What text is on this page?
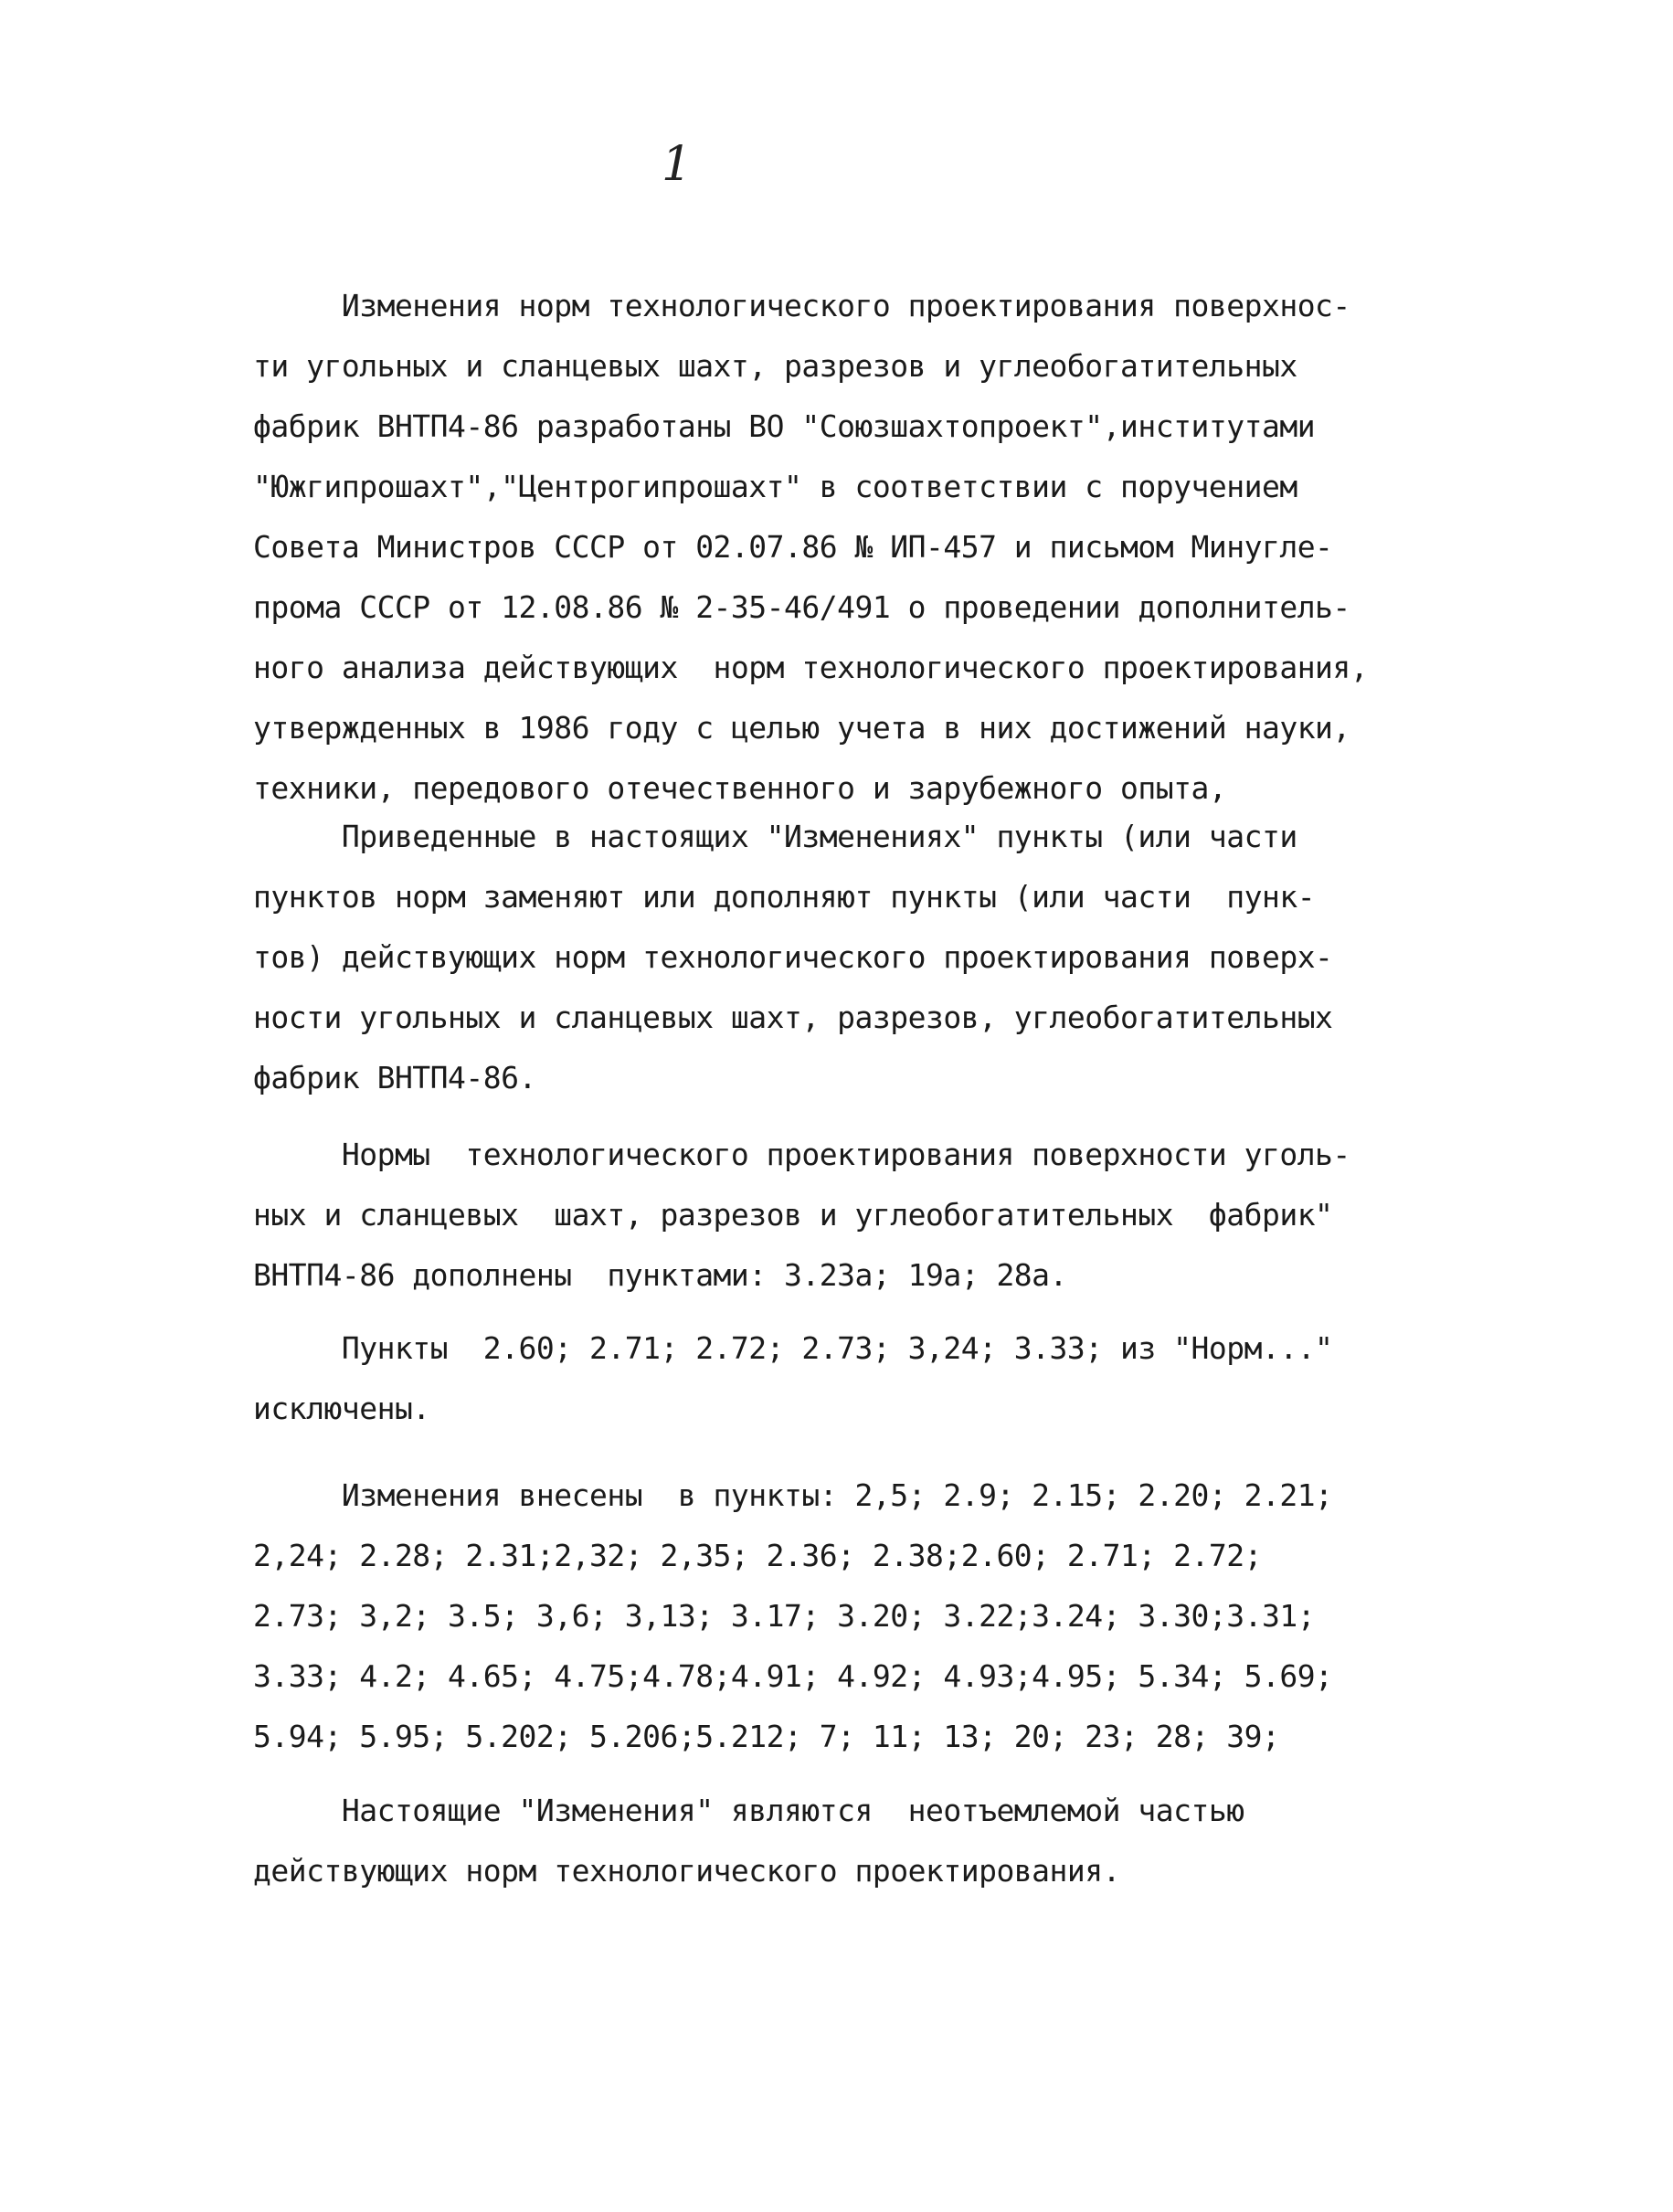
1
Изменения норм технологического проектирования поверхнос-
ти угольных и сланцевых шахт, разрезов и углеобогатительных
фабрик ВНТП4-86 разработаны ВО "Союзшахтопроект",институтами
"Южгипрошахт","Центрогипрошахт" в соответствии с поручением
Совета Министров СССР от 02.07.86 № ИП-457 и письмом Минугле-
прома СССР от 12.08.86 № 2-35-46/491 о проведении дополнитель-
ного анализа действующих  норм технологического проектирования,
утвержденных в 1986 году с целью учета в них достижений науки,
техники, передового отечественного и зарубежного опыта,
Приведенные в настоящих "Изменениях" пункты (или части
пунктов норм заменяют или дополняют пункты (или части  пунк-
тов) действующих норм технологического проектирования поверх-
ности угольных и сланцевых шахт, разрезов, углеобогатительных
фабрик ВНТП4-86.
Нормы  технологического проектирования поверхности уголь-
ных и сланцевых  шахт, разрезов и углеобогатительных  фабрик"
ВНТП4-86 дополнены  пунктами: 3.23а; 19а; 28а.
Пункты  2.60; 2.71; 2.72; 2.73; 3,24; 3.33; из "Норм..."
исключены.
Изменения внесены  в пункты: 2,5; 2.9; 2.15; 2.20; 2.21;
2,24; 2.28; 2.31;2,32; 2,35; 2.36; 2.38;2.60; 2.71; 2.72;
2.73; 3,2; 3.5; 3,6; 3,13; 3.17; 3.20; 3.22;3.24; 3.30;3.31;
3.33; 4.2; 4.65; 4.75;4.78;4.91; 4.92; 4.93;4.95; 5.34; 5.69;
5.94; 5.95; 5.202; 5.206;5.212; 7; 11; 13; 20; 23; 28; 39;
Настоящие "Изменения" являются  неотъемлемой частью
действующих норм технологического проектирования.
